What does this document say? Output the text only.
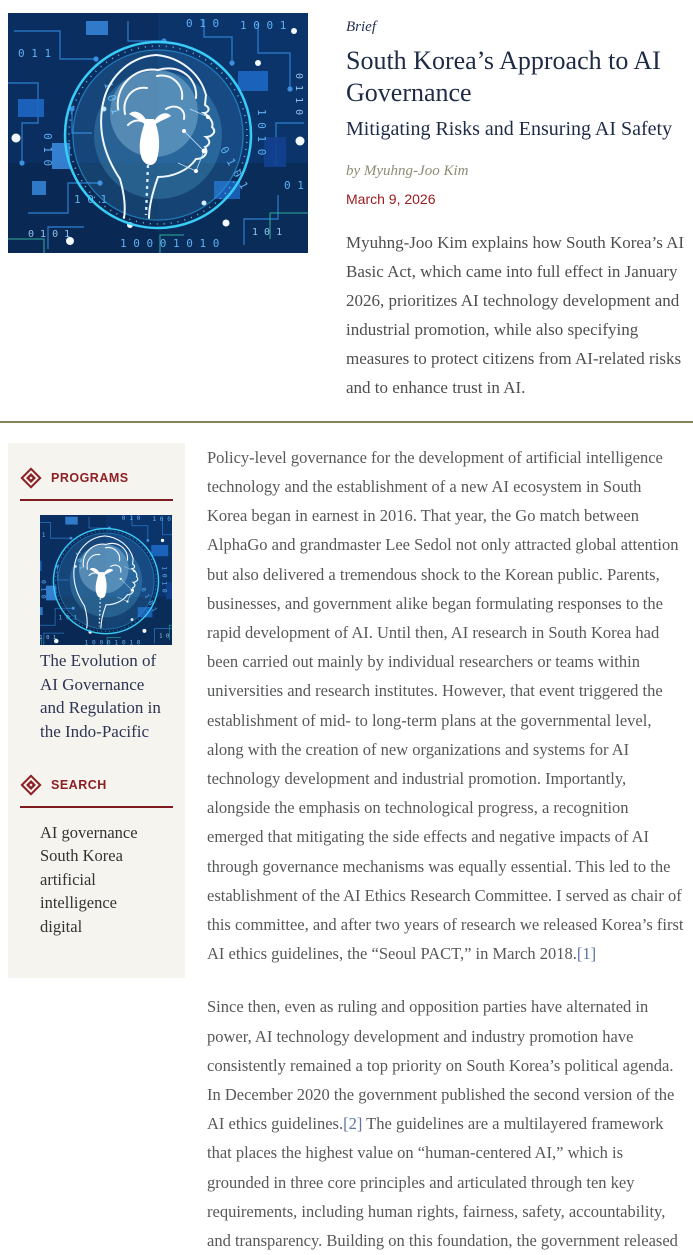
Brief
South Korea’s Approach to AI Governance
Mitigating Risks and Ensuring AI Safety
by Myuhng-Joo Kim
March 9, 2026
Myuhng-Joo Kim explains how South Korea’s AI Basic Act, which came into full effect in January 2026, prioritizes AI technology development and industrial promotion, while also specifying measures to protect citizens from AI-related risks and to enhance trust in AI.
PROGRAMS
The Evolution of AI Governance and Regulation in the Indo-Pacific
SEARCH
AI governance
South Korea
artificial intelligence
digital

Policy-level governance for the development of artificial intelligence technology and the establishment of a new AI ecosystem in South Korea began in earnest in 2016. That year, the Go match between AlphaGo and grandmaster Lee Sedol not only attracted global attention but also delivered a tremendous shock to the Korean public. Parents, businesses, and government alike began formulating responses to the rapid development of AI. Until then, AI research in South Korea had been carried out mainly by individual researchers or teams within universities and research institutes. However, that event triggered the establishment of mid- to long-term plans at the governmental level, along with the creation of new organizations and systems for AI technology development and industrial promotion. Importantly, alongside the emphasis on technological progress, a recognition emerged that mitigating the side effects and negative impacts of AI through governance mechanisms was equally essential. This led to the establishment of the AI Ethics Research Committee. I served as chair of this committee, and after two years of research we released Korea’s first AI ethics guidelines, the “Seoul PACT,” in March 2018.[1]

Since then, even as ruling and opposition parties have alternated in power, AI technology development and industry promotion have consistently remained a top priority on South Korea’s political agenda. In December 2020 the government published the second version of the AI ethics guidelines.[2] The guidelines are a multilayered framework that places the highest value on “human-centered AI,” which is grounded in three core principles and articulated through ten key requirements, including human rights, fairness, safety, accountability, and transparency. Building on this foundation, the government released
